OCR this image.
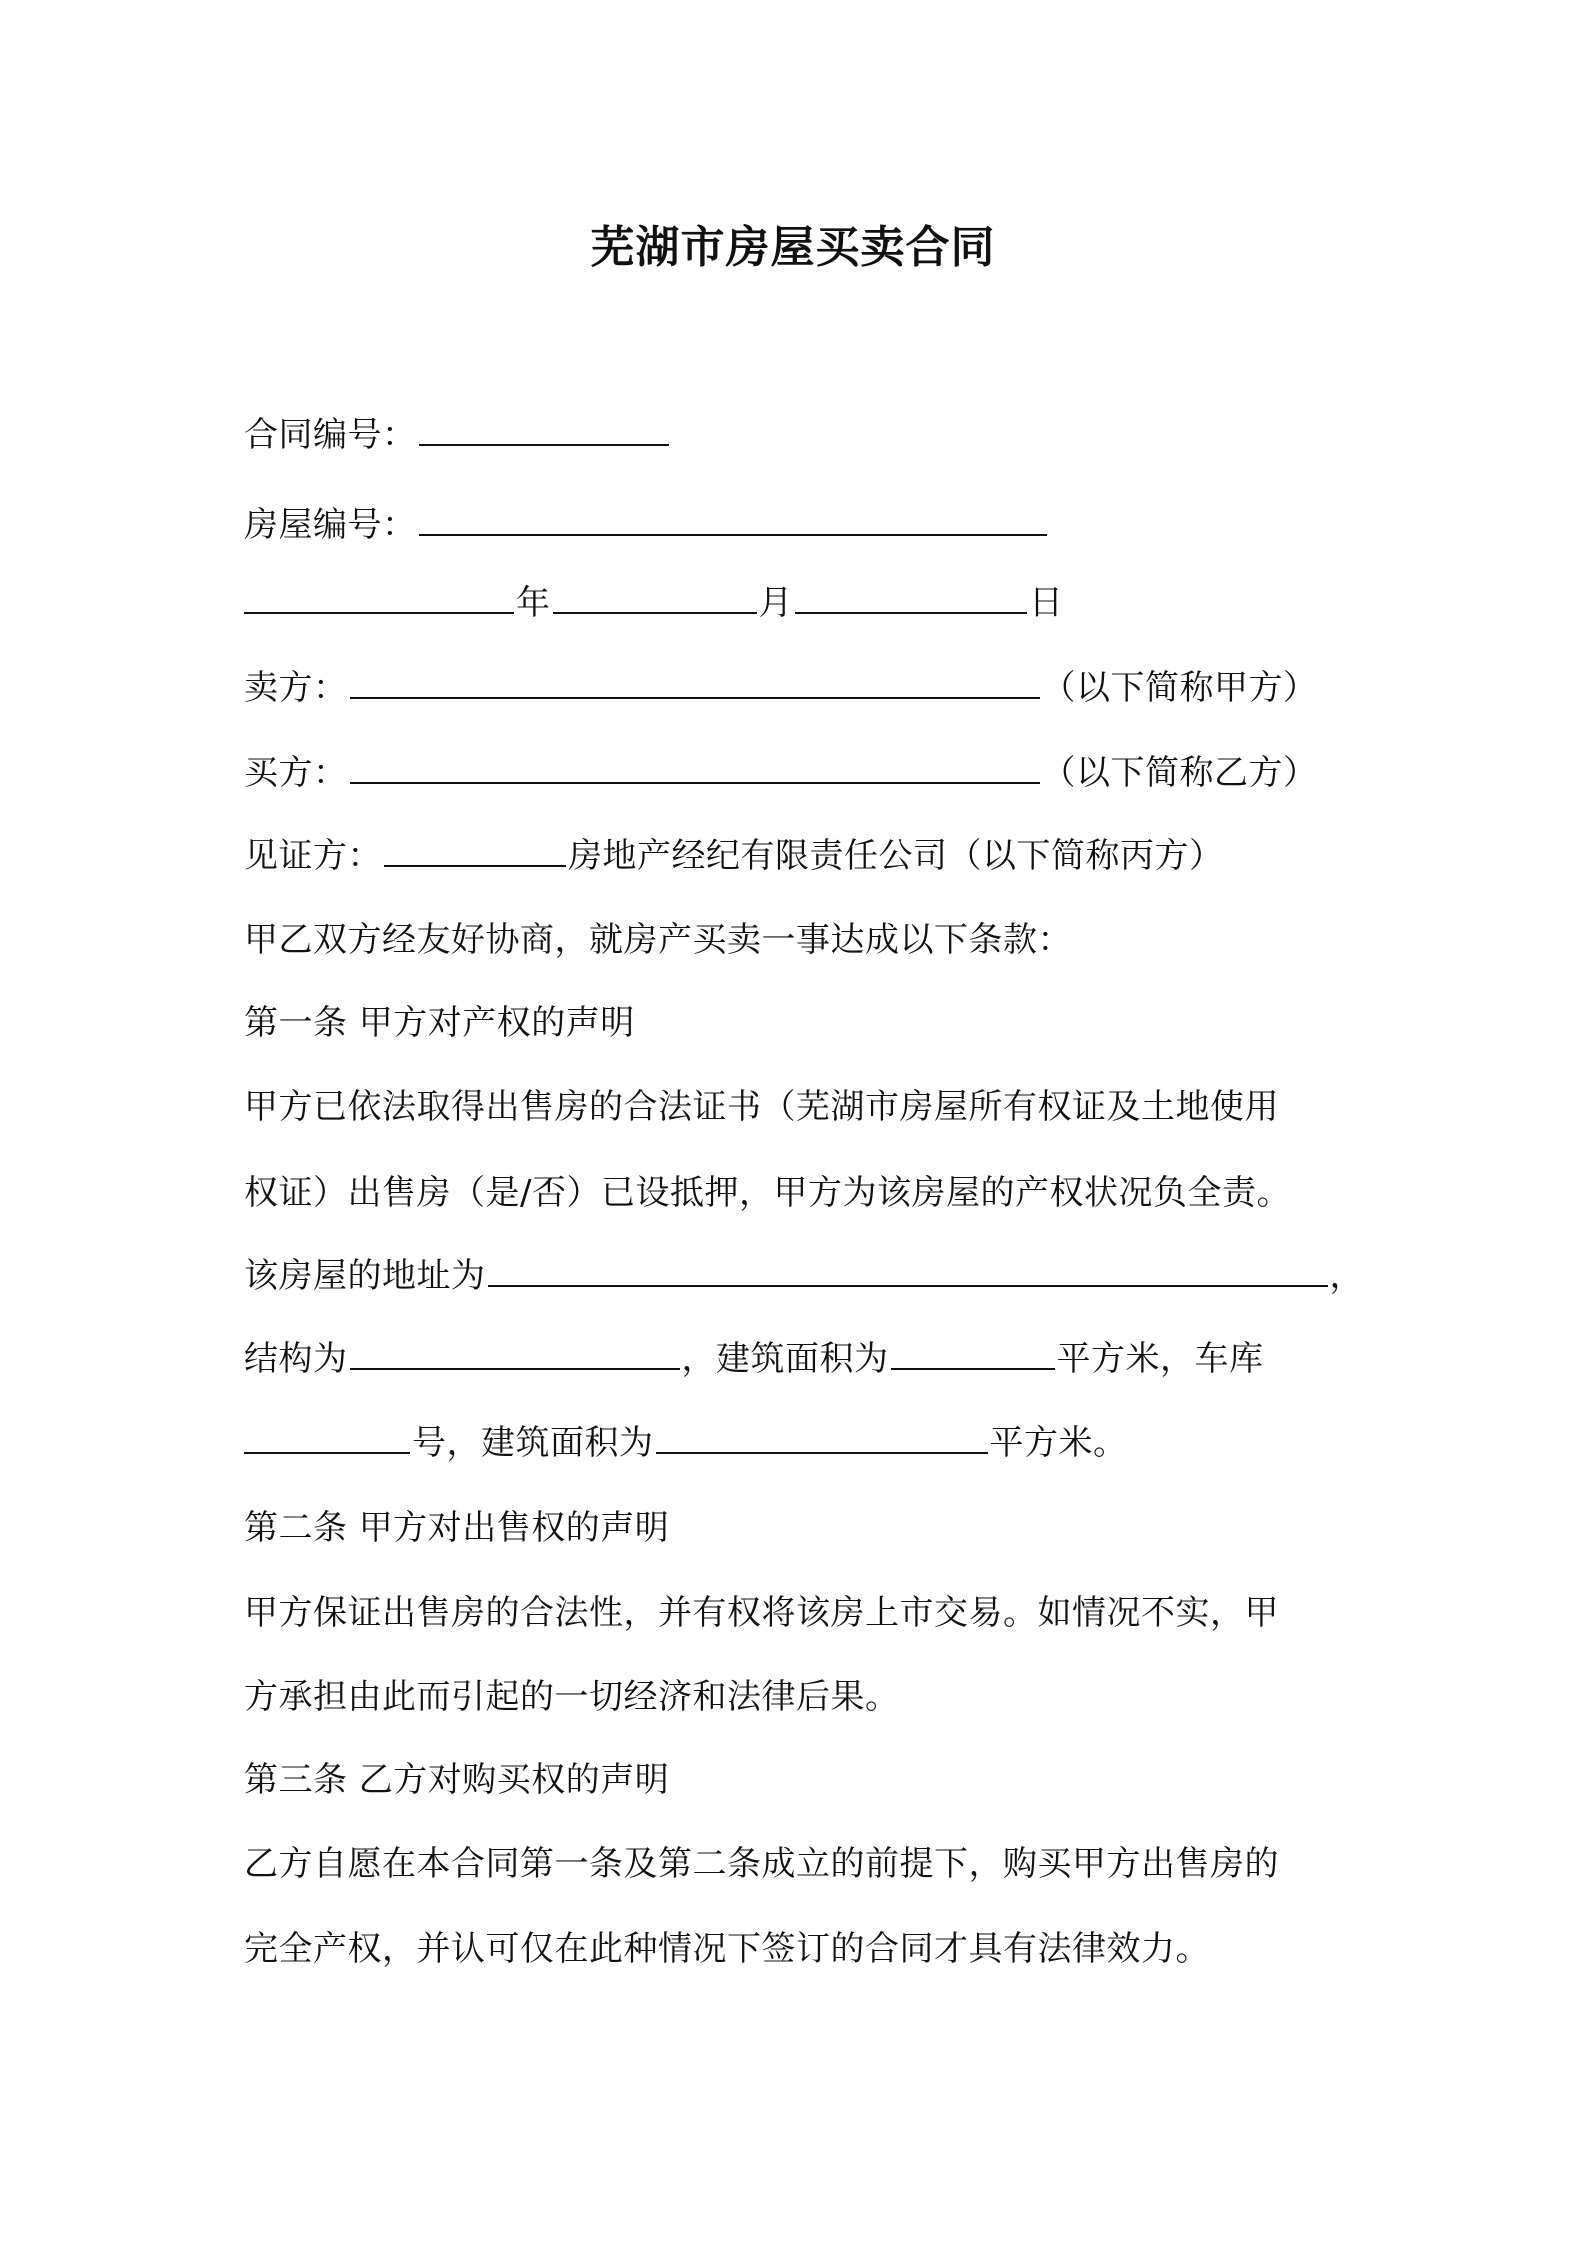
芜湖市房屋买卖合同
合同编号：
房屋编号：
年	月	日
卖方：	（以下简称甲方）
买方：	（以下简称乙方）
见证方：	房地产经纪有限责任公司（以下简称丙方）
甲乙双方经友好协商，就房产买卖一事达成以下条款：
第一条 甲方对产权的声明
甲方已依法取得出售房的合法证书（芜湖市房屋所有权证及土地使用
权证）出售房（是/否）已设抵押，甲方为该房屋的产权状况负全责。
该房屋的地址为	，
结构为	，建筑面积为	平方米，车库
号，建筑面积为	平方米。
第二条 甲方对出售权的声明
甲方保证出售房的合法性，并有权将该房上市交易。如情况不实，甲
方承担由此而引起的一切经济和法律后果。
第三条 乙方对购买权的声明
乙方自愿在本合同第一条及第二条成立的前提下，购买甲方出售房的
完全产权，并认可仅在此种情况下签订的合同才具有法律效力。
